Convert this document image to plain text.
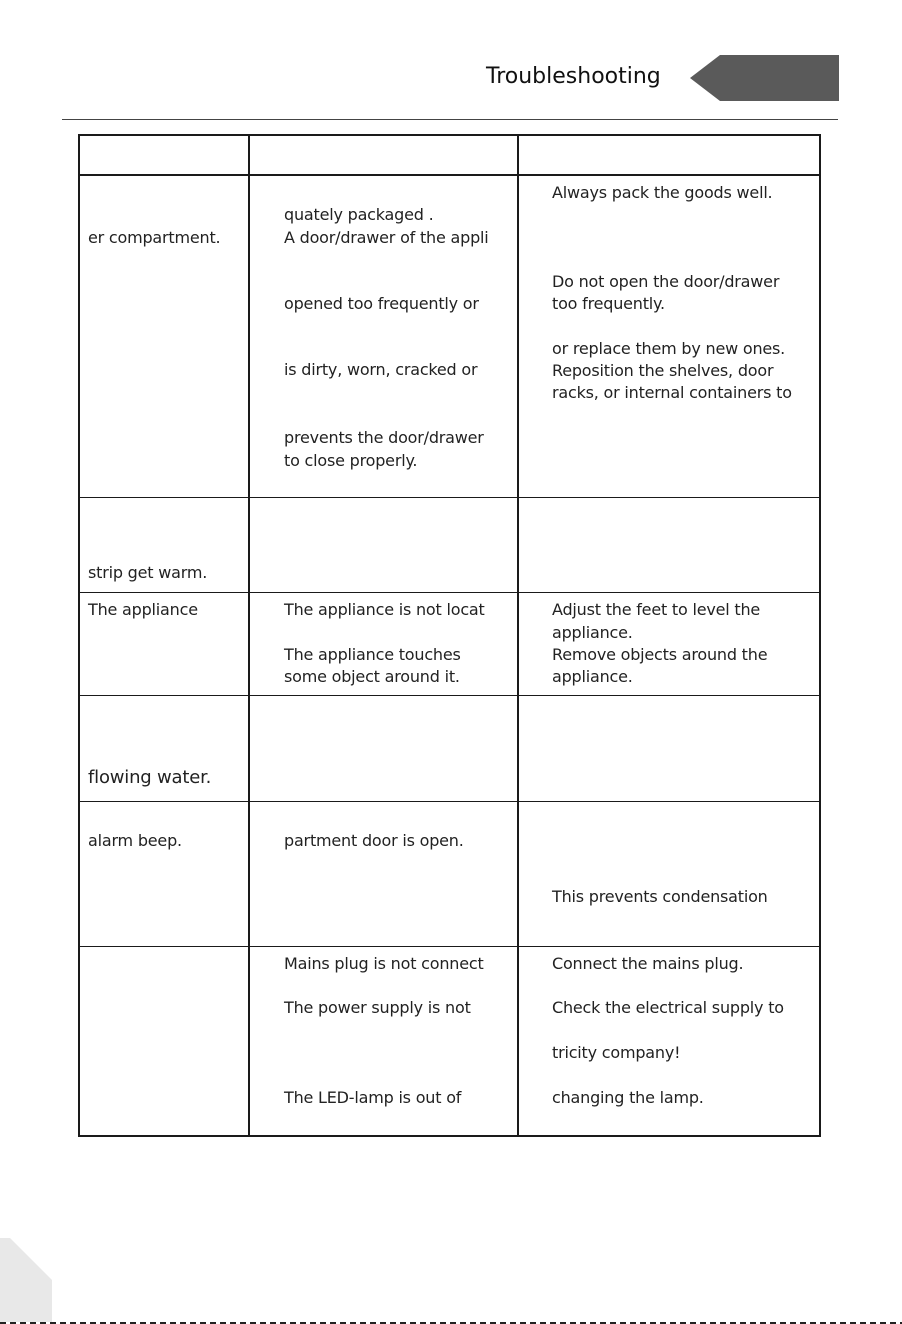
Troubleshooting
er compartment.
quately packaged .
A door/drawer of the appli
opened too frequently or
is dirty, worn, cracked or
prevents the door/drawer
to close properly.
Always pack the goods well.
Do not open the door/drawer
too frequently.
or replace them by new ones.
Reposition the shelves, door
racks, or internal containers to
strip get warm.
The appliance	The appliance is not locat
The appliance touches
some object around it.
Adjust the feet to level the
appliance.
Remove objects around the
appliance.
flowing water.
alarm beep.	partment door is open.
This prevents condensation
Mains plug is not connect
The power supply is not
The LED-lamp is out of
Connect the mains plug.
Check the electrical supply to
tricity company!
changing the lamp.
